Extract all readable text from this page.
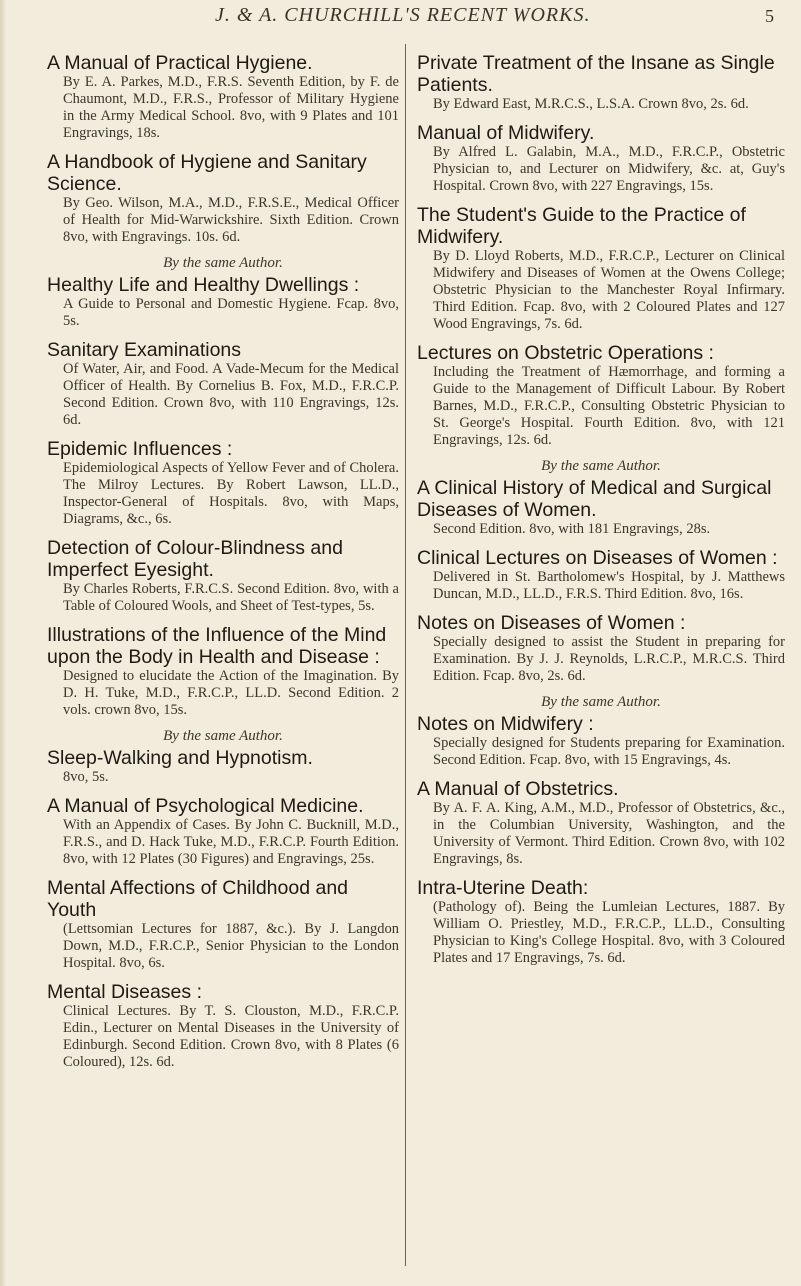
J. & A. CHURCHILL'S RECENT WORKS.	5
A Manual of Practical Hygiene.
By E. A. Parkes, M.D., F.R.S. Seventh Edition, by F. de Chaumont, M.D., F.R.S., Professor of Military Hygiene in the Army Medical School. 8vo, with 9 Plates and 101 Engravings, 18s.
A Handbook of Hygiene and Sanitary Science.
By Geo. Wilson, M.A., M.D., F.R.S.E., Medical Officer of Health for Mid-Warwickshire. Sixth Edition. Crown 8vo, with Engravings. 10s. 6d.
By the same Author.
Healthy Life and Healthy Dwellings :
A Guide to Personal and Domestic Hygiene. Fcap. 8vo, 5s.
Sanitary Examinations
Of Water, Air, and Food. A Vade-Mecum for the Medical Officer of Health. By Cornelius B. Fox, M.D., F.R.C.P. Second Edition. Crown 8vo, with 110 Engravings, 12s. 6d.
Epidemic Influences :
Epidemiological Aspects of Yellow Fever and of Cholera. The Milroy Lectures. By Robert Lawson, LL.D., Inspector-General of Hospitals. 8vo, with Maps, Diagrams, &c., 6s.
Detection of Colour-Blindness and Imperfect Eyesight.
By Charles Roberts, F.R.C.S. Second Edition. 8vo, with a Table of Coloured Wools, and Sheet of Test-types, 5s.
Illustrations of the Influence of the Mind upon the Body in Health and Disease :
Designed to elucidate the Action of the Imagination. By D. H. Tuke, M.D., F.R.C.P., LL.D. Second Edition. 2 vols. crown 8vo, 15s.
By the same Author.
Sleep-Walking and Hypnotism.
8vo, 5s.
A Manual of Psychological Medicine.
With an Appendix of Cases. By John C. Bucknill, M.D., F.R.S., and D. Hack Tuke, M.D., F.R.C.P. Fourth Edition. 8vo, with 12 Plates (30 Figures) and Engravings, 25s.
Mental Affections of Childhood and Youth
(Lettsomian Lectures for 1887, &c.). By J. Langdon Down, M.D., F.R.C.P., Senior Physician to the London Hospital. 8vo, 6s.
Mental Diseases :
Clinical Lectures. By T. S. Clouston, M.D., F.R.C.P. Edin., Lecturer on Mental Diseases in the University of Edinburgh. Second Edition. Crown 8vo, with 8 Plates (6 Coloured), 12s. 6d.
Private Treatment of the Insane as Single Patients.
By Edward East, M.R.C.S., L.S.A. Crown 8vo, 2s. 6d.
Manual of Midwifery.
By Alfred L. Galabin, M.A., M.D., F.R.C.P., Obstetric Physician to, and Lecturer on Midwifery, &c. at, Guy's Hospital. Crown 8vo, with 227 Engravings, 15s.
The Student's Guide to the Practice of Midwifery.
By D. Lloyd Roberts, M.D., F.R.C.P., Lecturer on Clinical Midwifery and Diseases of Women at the Owens College; Obstetric Physician to the Manchester Royal Infirmary. Third Edition. Fcap. 8vo, with 2 Coloured Plates and 127 Wood Engravings, 7s. 6d.
Lectures on Obstetric Operations :
Including the Treatment of Hæmorrhage, and forming a Guide to the Management of Difficult Labour. By Robert Barnes, M.D., F.R.C.P., Consulting Obstetric Physician to St. George's Hospital. Fourth Edition. 8vo, with 121 Engravings, 12s. 6d.
By the same Author.
A Clinical History of Medical and Surgical Diseases of Women.
Second Edition. 8vo, with 181 Engravings, 28s.
Clinical Lectures on Diseases of Women :
Delivered in St. Bartholomew's Hospital, by J. Matthews Duncan, M.D., LL.D., F.R.S. Third Edition. 8vo, 16s.
Notes on Diseases of Women :
Specially designed to assist the Student in preparing for Examination. By J. J. Reynolds, L.R.C.P., M.R.C.S. Third Edition. Fcap. 8vo, 2s. 6d.
By the same Author.
Notes on Midwifery :
Specially designed for Students preparing for Examination. Second Edition. Fcap. 8vo, with 15 Engravings, 4s.
A Manual of Obstetrics.
By A. F. A. King, A.M., M.D., Professor of Obstetrics, &c., in the Columbian University, Washington, and the University of Vermont. Third Edition. Crown 8vo, with 102 Engravings, 8s.
Intra-Uterine Death:
(Pathology of). Being the Lumleian Lectures, 1887. By William O. Priestley, M.D., F.R.C.P., LL.D., Consulting Physician to King's College Hospital. 8vo, with 3 Coloured Plates and 17 Engravings, 7s. 6d.
